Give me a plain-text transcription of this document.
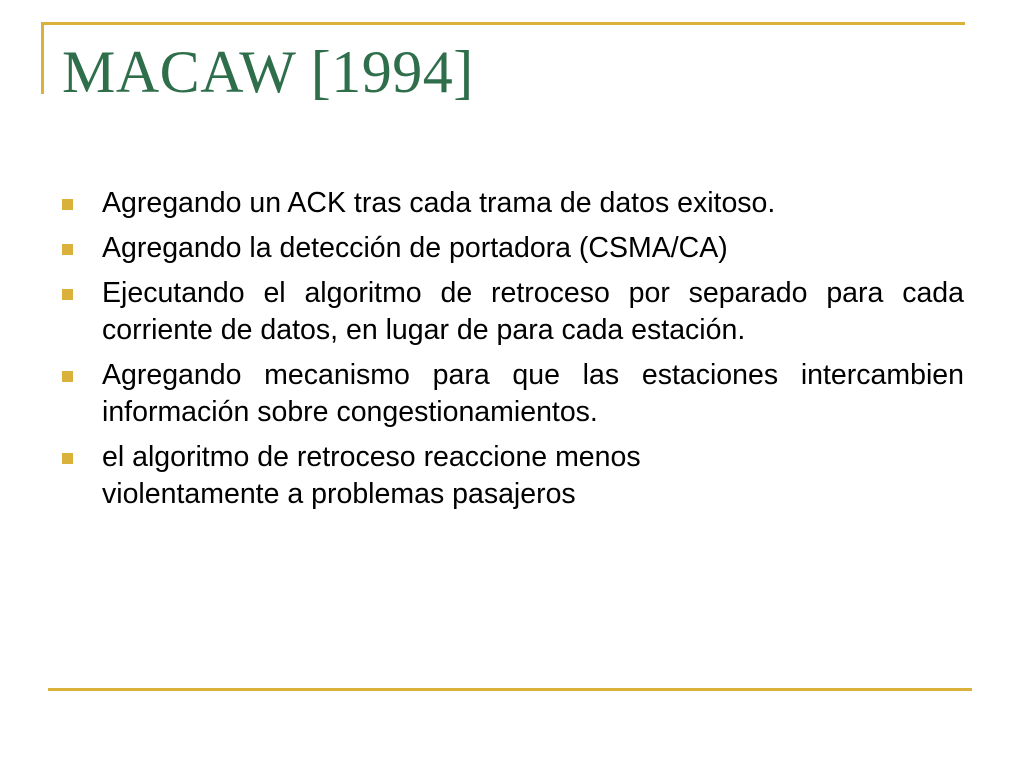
MACAW [1994]
Agregando un ACK tras cada trama de datos exitoso.
Agregando la detección de portadora (CSMA/CA)
Ejecutando el algoritmo de retroceso por separado para cada corriente de datos, en lugar de para cada estación.
Agregando mecanismo para que las estaciones intercambien información sobre congestionamientos.
el algoritmo de retroceso reaccione menos violentamente a problemas pasajeros
